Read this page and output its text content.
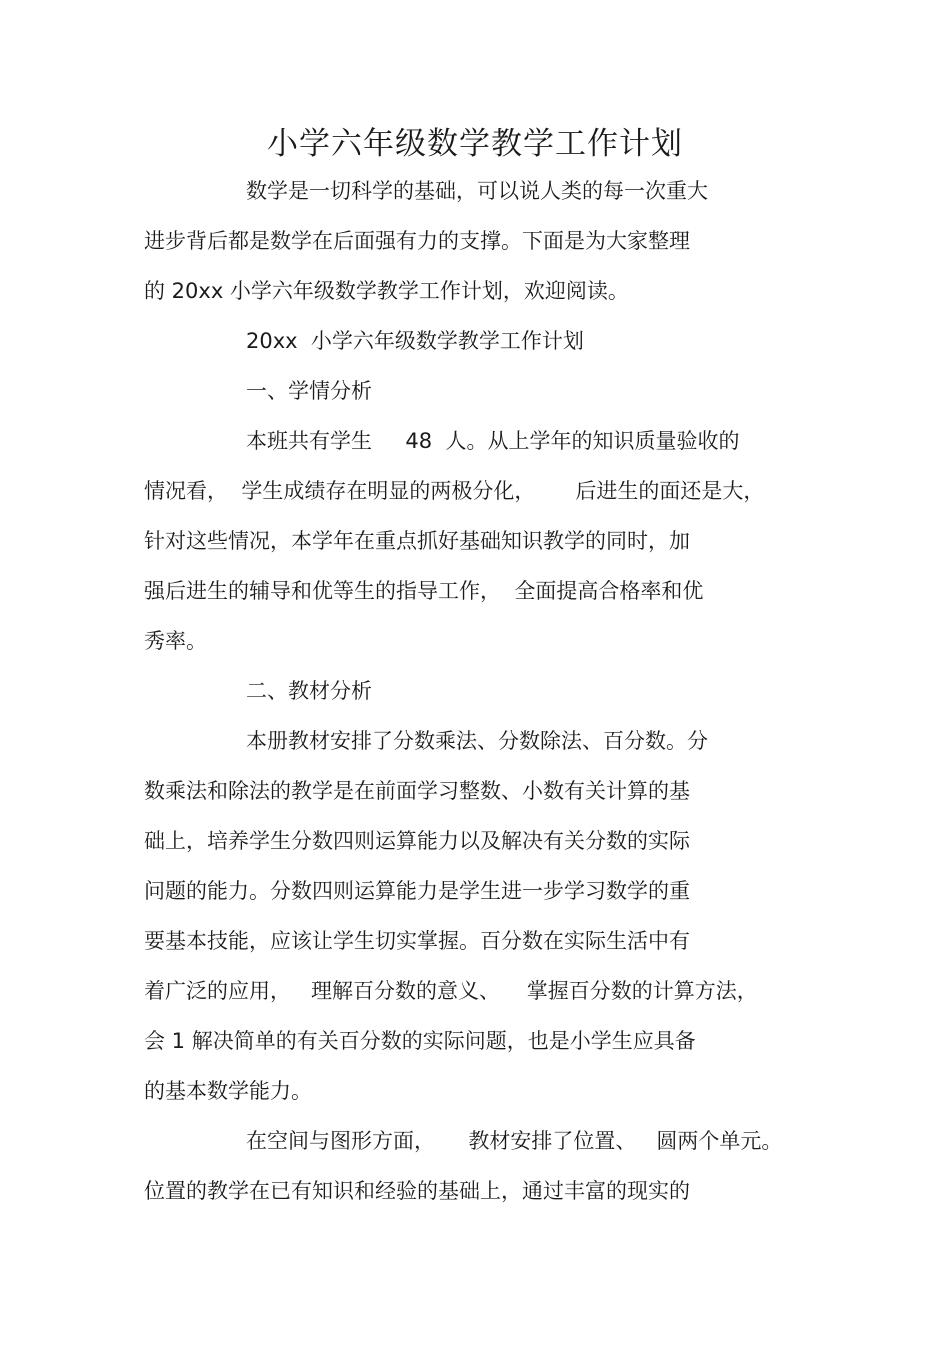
小学六年级数学教学工作计划
数学是一切科学的基础，可以说人类的每一次重大
进步背后都是数学在后面强有力的支撑。下面是为大家整理
的 20xx 小学六年级数学教学工作计划，欢迎阅读。
20xx  小学六年级数学教学工作计划
一、学情分析
本班共有学生     48  人。从上学年的知识质量验收的
情况看，  学生成绩存在明显的两极分化，      后进生的面还是大，
针对这些情况，本学年在重点抓好基础知识教学的同时，加
强后进生的辅导和优等生的指导工作，  全面提高合格率和优
秀率。
二、教材分析
本册教材安排了分数乘法、分数除法、百分数。分
数乘法和除法的教学是在前面学习整数、小数有关计算的基
础上，培养学生分数四则运算能力以及解决有关分数的实际
问题的能力。分数四则运算能力是学生进一步学习数学的重
要基本技能，应该让学生切实掌握。百分数在实际生活中有
着广泛的应用，   理解百分数的意义、    掌握百分数的计算方法，
会 1 解决简单的有关百分数的实际问题，也是小学生应具备
的基本数学能力。
在空间与图形方面，     教材安排了位置、   圆两个单元。
位置的教学在已有知识和经验的基础上，通过丰富的现实的
